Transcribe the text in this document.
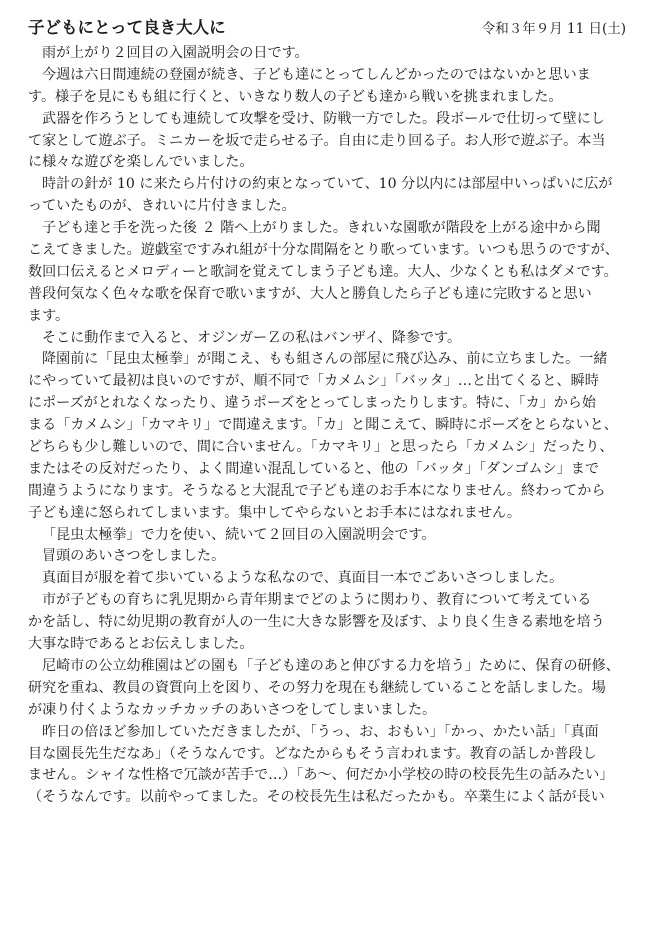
子どもにとって良き大人に	令和３年９月 11 日(土)
雨が上がり２回目の入園説明会の日です。
今週は六日間連続の登園が続き、子ども達にとってしんどかったのではないかと思いま
す。様子を見にもも組に行くと、いきなり数人の子ども達から戦いを挑まれました。
武器を作ろうとしても連続して攻撃を受け、防戦一方でした。段ボールで仕切って壁にし
て家として遊ぶ子。ミニカーを坂で走らせる子。自由に走り回る子。お人形で遊ぶ子。本当
に様々な遊びを楽しんでいました。
時計の針が 10 に来たら片付けの約束となっていて、10 分以内には部屋中いっぱいに広が
っていたものが、きれいに片付きました。
子ども達と手を洗った後 ２ 階へ上がりました。きれいな園歌が階段を上がる途中から聞
こえてきました。遊戯室ですみれ組が十分な間隔をとり歌っています。いつも思うのですが、
数回口伝えるとメロディーと歌詞を覚えてしまう子ども達。大人、少なくとも私はダメです。
普段何気なく色々な歌を保育で歌いますが、大人と勝負したら子ども達に完敗すると思い
ます。
そこに動作まで入ると、オジンガーＺの私はバンザイ、降参です。
降園前に「昆虫太極拳」が聞こえ、もも組さんの部屋に飛び込み、前に立ちました。一緒
にやっていて最初は良いのですが、順不同で「カメムシ」「バッタ」…と出てくると、瞬時
にポーズがとれなくなったり、違うポーズをとってしまったりします。特に、「カ」から始
まる「カメムシ」「カマキリ」で間違えます。「カ」と聞こえて、瞬時にポーズをとらないと、
どちらも少し難しいので、間に合いません。「カマキリ」と思ったら「カメムシ」だったり、
またはその反対だったり、よく間違い混乱していると、他の「バッタ」「ダンゴムシ」まで
間違うようになります。そうなると大混乱で子ども達のお手本になりません。終わってから
子ども達に怒られてしまいます。集中してやらないとお手本にはなれません。
「昆虫太極拳」で力を使い、続いて２回目の入園説明会です。
冒頭のあいさつをしました。
真面目が服を着て歩いているような私なので、真面目一本でごあいさつしました。
市が子どもの育ちに乳児期から青年期までどのように関わり、教育について考えている
かを話し、特に幼児期の教育が人の一生に大きな影響を及ぼす、より良く生きる素地を培う
大事な時であるとお伝えしました。
尼崎市の公立幼稚園はどの園も「子ども達のあと伸びする力を培う」ために、保育の研修、
研究を重ね、教員の資質向上を図り、その努力を現在も継続していることを話しました。場
が凍り付くようなカッチカッチのあいさつをしてしまいました。
昨日の倍ほど参加していただきましたが、「うっ、お、おもい」「かっ、かたい話」「真面
目な園長先生だなあ」（そうなんです。どなたからもそう言われます。教育の話しか普段し
ません。シャイな性格で冗談が苦手で…）「あ〜、何だか小学校の時の校長先生の話みたい」
（そうなんです。以前やってました。その校長先生は私だったかも。卒業生によく話が長い
